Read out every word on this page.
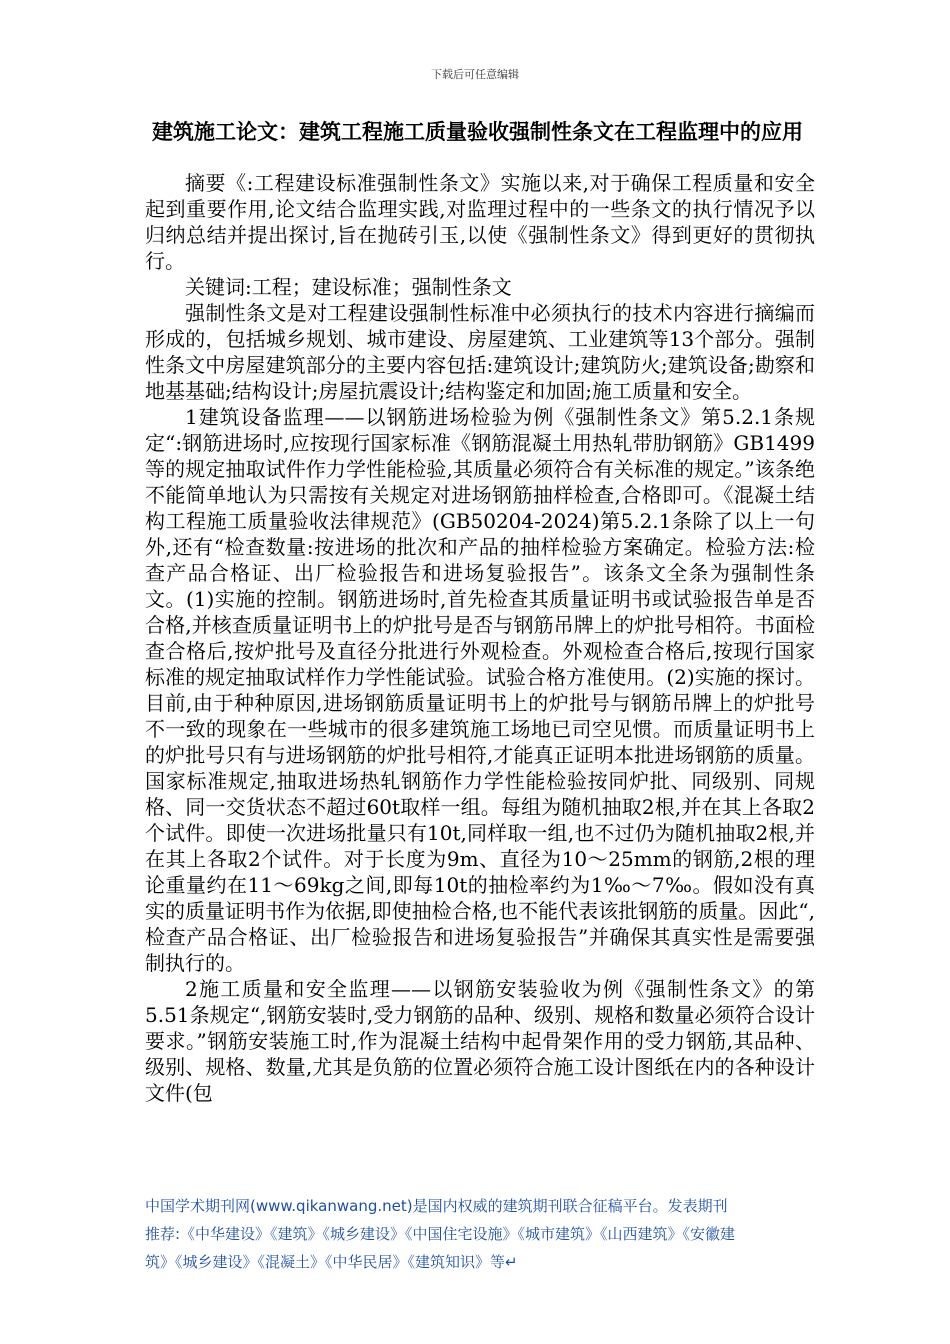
下载后可任意编辑
建筑施工论文：建筑工程施工质量验收强制性条文在工程监理中的应用

摘要《:工程建设标准强制性条文》实施以来,对于确保工程质量和安全起到重要作用,论文结合监理实践,对监理过程中的一些条文的执行情况予以归纳总结并提出探讨,旨在抛砖引玉,以使《强制性条文》得到更好的贯彻执行。

关键词:工程；建设标准；强制性条文

强制性条文是对工程建设强制性标准中必须执行的技术内容进行摘编而形成的，包括城乡规划、城市建设、房屋建筑、工业建筑等13个部分。强制性条文中房屋建筑部分的主要内容包括:建筑设计;建筑防火;建筑设备;勘察和地基基础;结构设计;房屋抗震设计;结构鉴定和加固;施工质量和安全。

1建筑设备监理——以钢筋进场检验为例《强制性条文》第5.2.1条规定“:钢筋进场时,应按现行国家标准《钢筋混凝土用热轧带肋钢筋》GB1499等的规定抽取试件作力学性能检验,其质量必须符合有关标准的规定。”该条绝不能简单地认为只需按有关规定对进场钢筋抽样检查,合格即可。《混凝土结构工程施工质量验收法律规范》(GB50204-2024)第5.2.1条除了以上一句外,还有“检查数量:按进场的批次和产品的抽样检验方案确定。检验方法:检查产品合格证、出厂检验报告和进场复验报告”。该条文全条为强制性条文。(1)实施的控制。钢筋进场时,首先检查其质量证明书或试验报告单是否合格,并核查质量证明书上的炉批号是否与钢筋吊牌上的炉批号相符。书面检查合格后,按炉批号及直径分批进行外观检查。外观检查合格后,按现行国家标准的规定抽取试样作力学性能试验。试验合格方准使用。(2)实施的探讨。目前,由于种种原因,进场钢筋质量证明书上的炉批号与钢筋吊牌上的炉批号不一致的现象在一些城市的很多建筑施工场地已司空见惯。而质量证明书上的炉批号只有与进场钢筋的炉批号相符,才能真正证明本批进场钢筋的质量。国家标准规定,抽取进场热轧钢筋作力学性能检验按同炉批、同级别、同规格、同一交货状态不超过60t取样一组。每组为随机抽取2根,并在其上各取2个试件。即使一次进场批量只有10t,同样取一组,也不过仍为随机抽取2根,并在其上各取2个试件。对于长度为9m、直径为10～25mm的钢筋,2根的理论重量约在11～69kg之间,即每10t的抽检率约为1‰～7‰。假如没有真实的质量证明书作为依据,即使抽检合格,也不能代表该批钢筋的质量。因此“,检查产品合格证、出厂检验报告和进场复验报告”并确保其真实性是需要强制执行的。

2施工质量和安全监理——以钢筋安装验收为例《强制性条文》的第5.51条规定“,钢筋安装时,受力钢筋的品种、级别、规格和数量必须符合设计要求。”钢筋安装施工时,作为混凝土结构中起骨架作用的受力钢筋,其品种、级别、规格、数量,尤其是负筋的位置必须符合施工设计图纸在内的各种设计文件(包

中国学术期刊网(www.qikanwang.net)是国内权威的建筑期刊联合征稿平台。发表期刊

推荐:《中华建设》《建筑》《城乡建设》《中国住宅设施》《城市建筑》《山西建筑》《安徽建

筑》《城乡建设》《混凝土》《中华民居》《建筑知识》等↵
